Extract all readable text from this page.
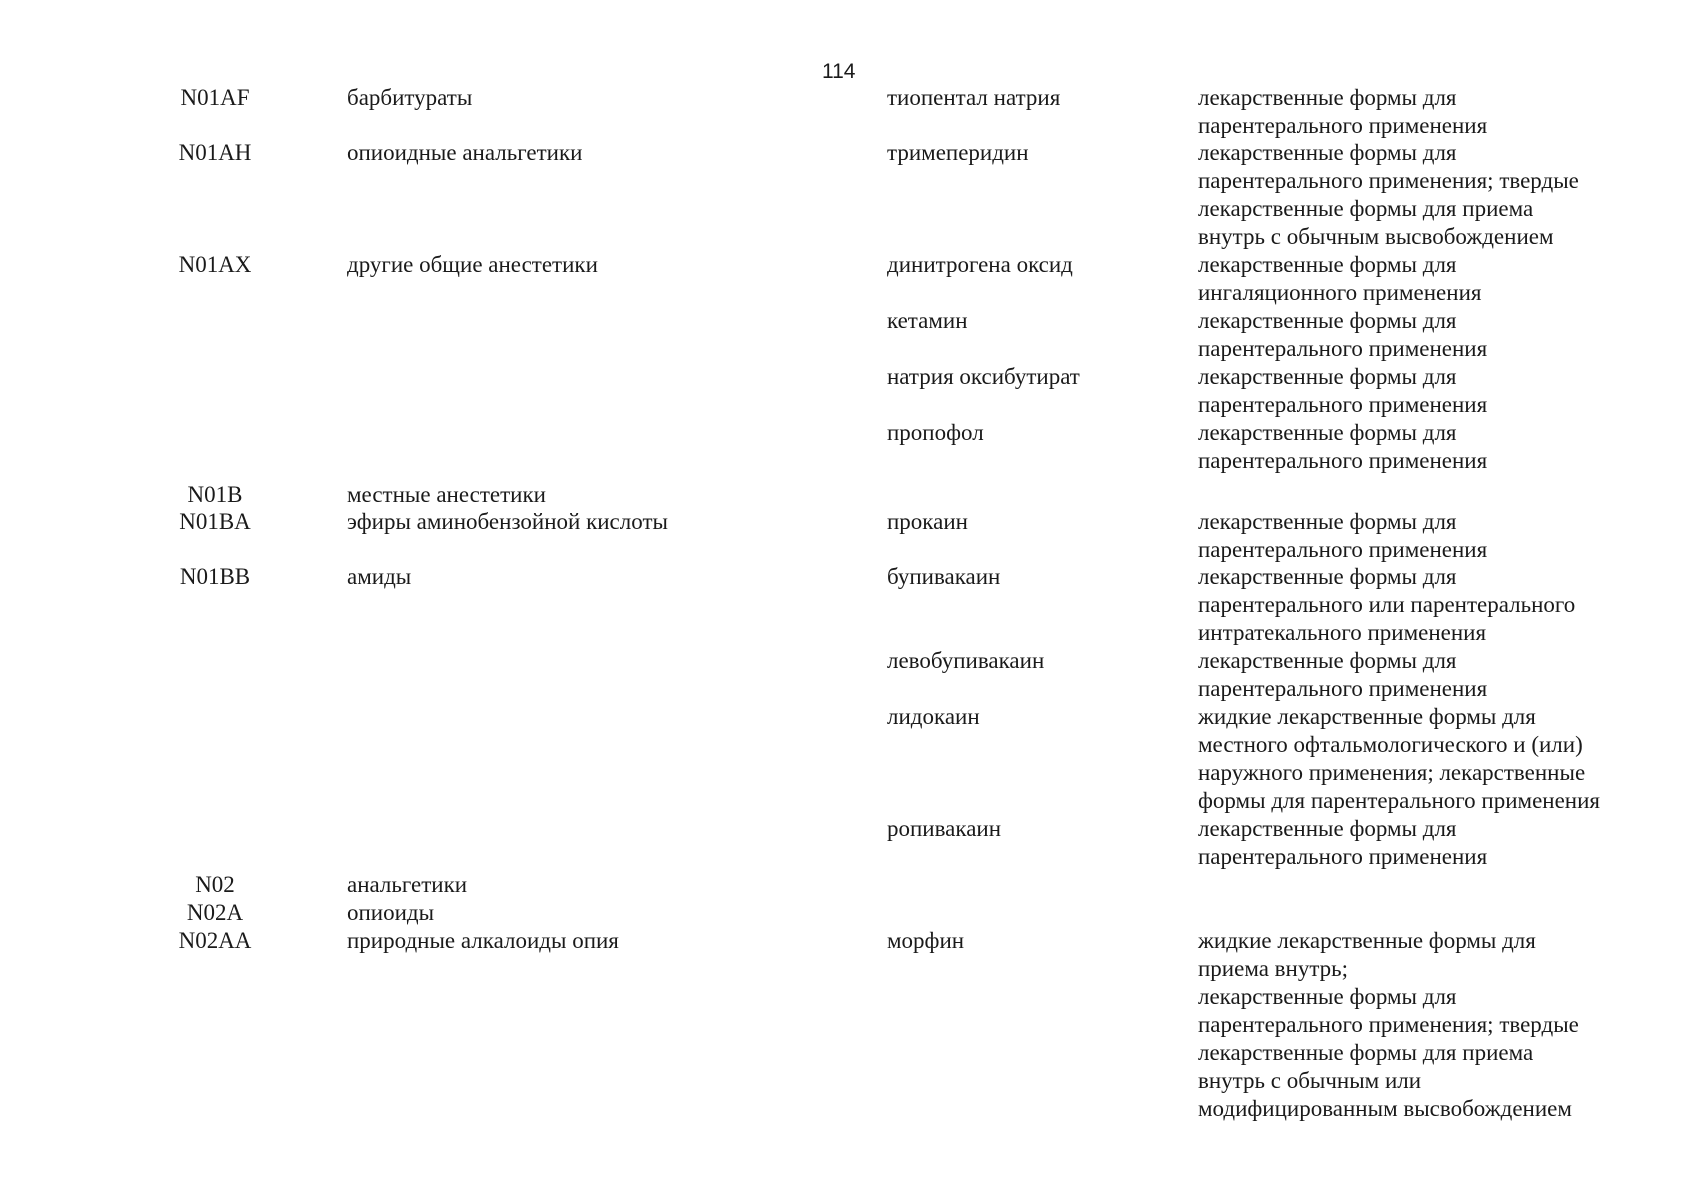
114
N01AF	барбитураты	тиопентал натрия	лекарственные формы для
парентерального применения
N01AH	опиоидные анальгетики	тримеперидин	лекарственные формы для
парентерального применения; твердые
лекарственные формы для приема
внутрь с обычным высвобождением
N01AX	другие общие анестетики	динитрогена оксид	лекарственные формы для
ингаляционного применения
кетамин	лекарственные формы для
парентерального применения
натрия оксибутират	лекарственные формы для
парентерального применения
пропофол	лекарственные формы для
парентерального применения
N01B	местные анестетики
N01BA	эфиры аминобензойной кислоты	прокаин	лекарственные формы для
парентерального применения
N01BB	амиды	бупивакаин	лекарственные формы для
парентерального или парентерального
интратекального применения
левобупивакаин	лекарственные формы для
парентерального применения
лидокаин	жидкие лекарственные формы для
местного офтальмологического и (или)
наружного применения; лекарственные
формы для парентерального применения
ропивакаин	лекарственные формы для
парентерального применения
N02	анальгетики
N02A	опиоиды
N02AA	природные алкалоиды опия	морфин	жидкие лекарственные формы для
приема внутрь;
лекарственные формы для
парентерального применения; твердые
лекарственные формы для приема
внутрь с обычным или
модифицированным высвобождением
